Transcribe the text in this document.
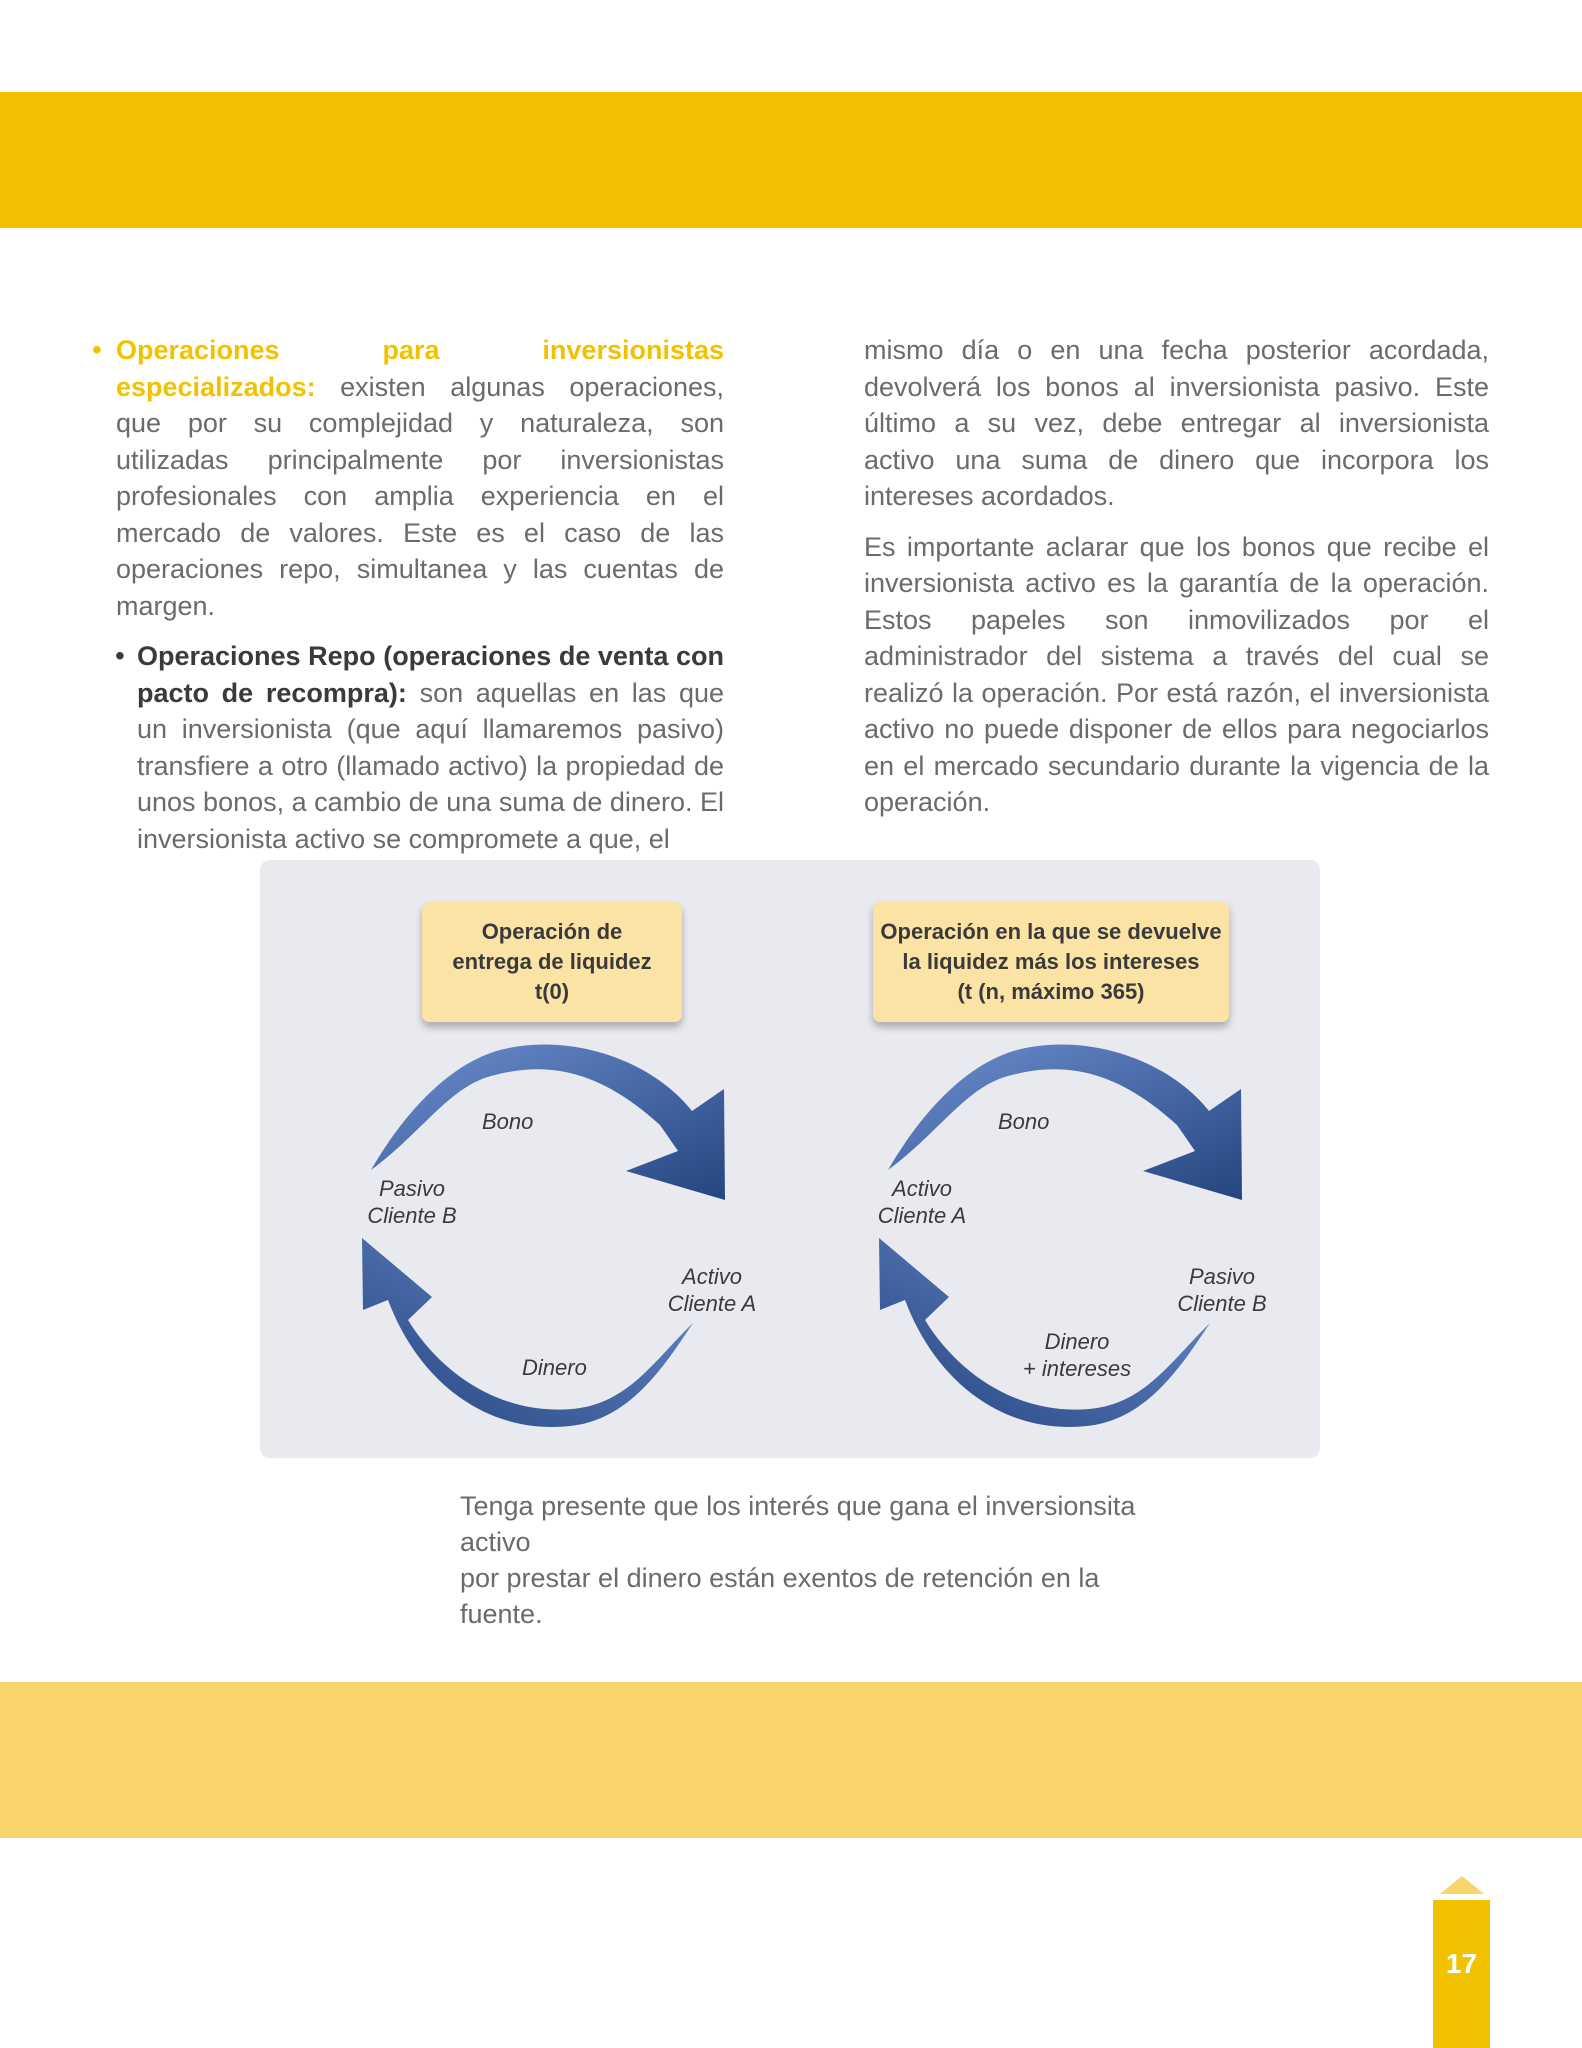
• Operaciones para inversionistas especializados: existen algunas operaciones, que por su complejidad y naturaleza, son utilizadas principalmente por inversionistas profesionales con amplia experiencia en el mercado de valores. Este es el caso de las operaciones repo, simultanea y las cuentas de margen.

• Operaciones Repo (operaciones de venta con pacto de recompra): son aquellas en las que un inversionista (que aquí llamaremos pasivo) transfiere a otro (llamado activo) la propiedad de unos bonos, a cambio de una suma de dinero. El inversionista activo se compromete a que, el

mismo día o en una fecha posterior acordada, devolverá los bonos al inversionista pasivo. Este último a su vez, debe entregar al inversionista activo una suma de dinero que incorpora los intereses acordados.

Es importante aclarar que los bonos que recibe el inversionista activo es la garantía de la operación. Estos papeles son inmovilizados por el administrador del sistema a través del cual se realizó la operación. Por está razón, el inversionista activo no puede disponer de ellos para negociarlos en el mercado secundario durante la vigencia de la operación.

Operación de
entrega de liquidez
t(0)
Operación en la que se devuelve
la liquidez más los intereses
(t (n, máximo 365)
Bono
Pasivo
Cliente B
Activo
Cliente A
Dinero
Bono
Activo
Cliente A
Pasivo
Cliente B
Dinero
+ intereses
Tenga presente que los interés que gana el inversionsita activo
por prestar el dinero están exentos de retención en la fuente.
17
